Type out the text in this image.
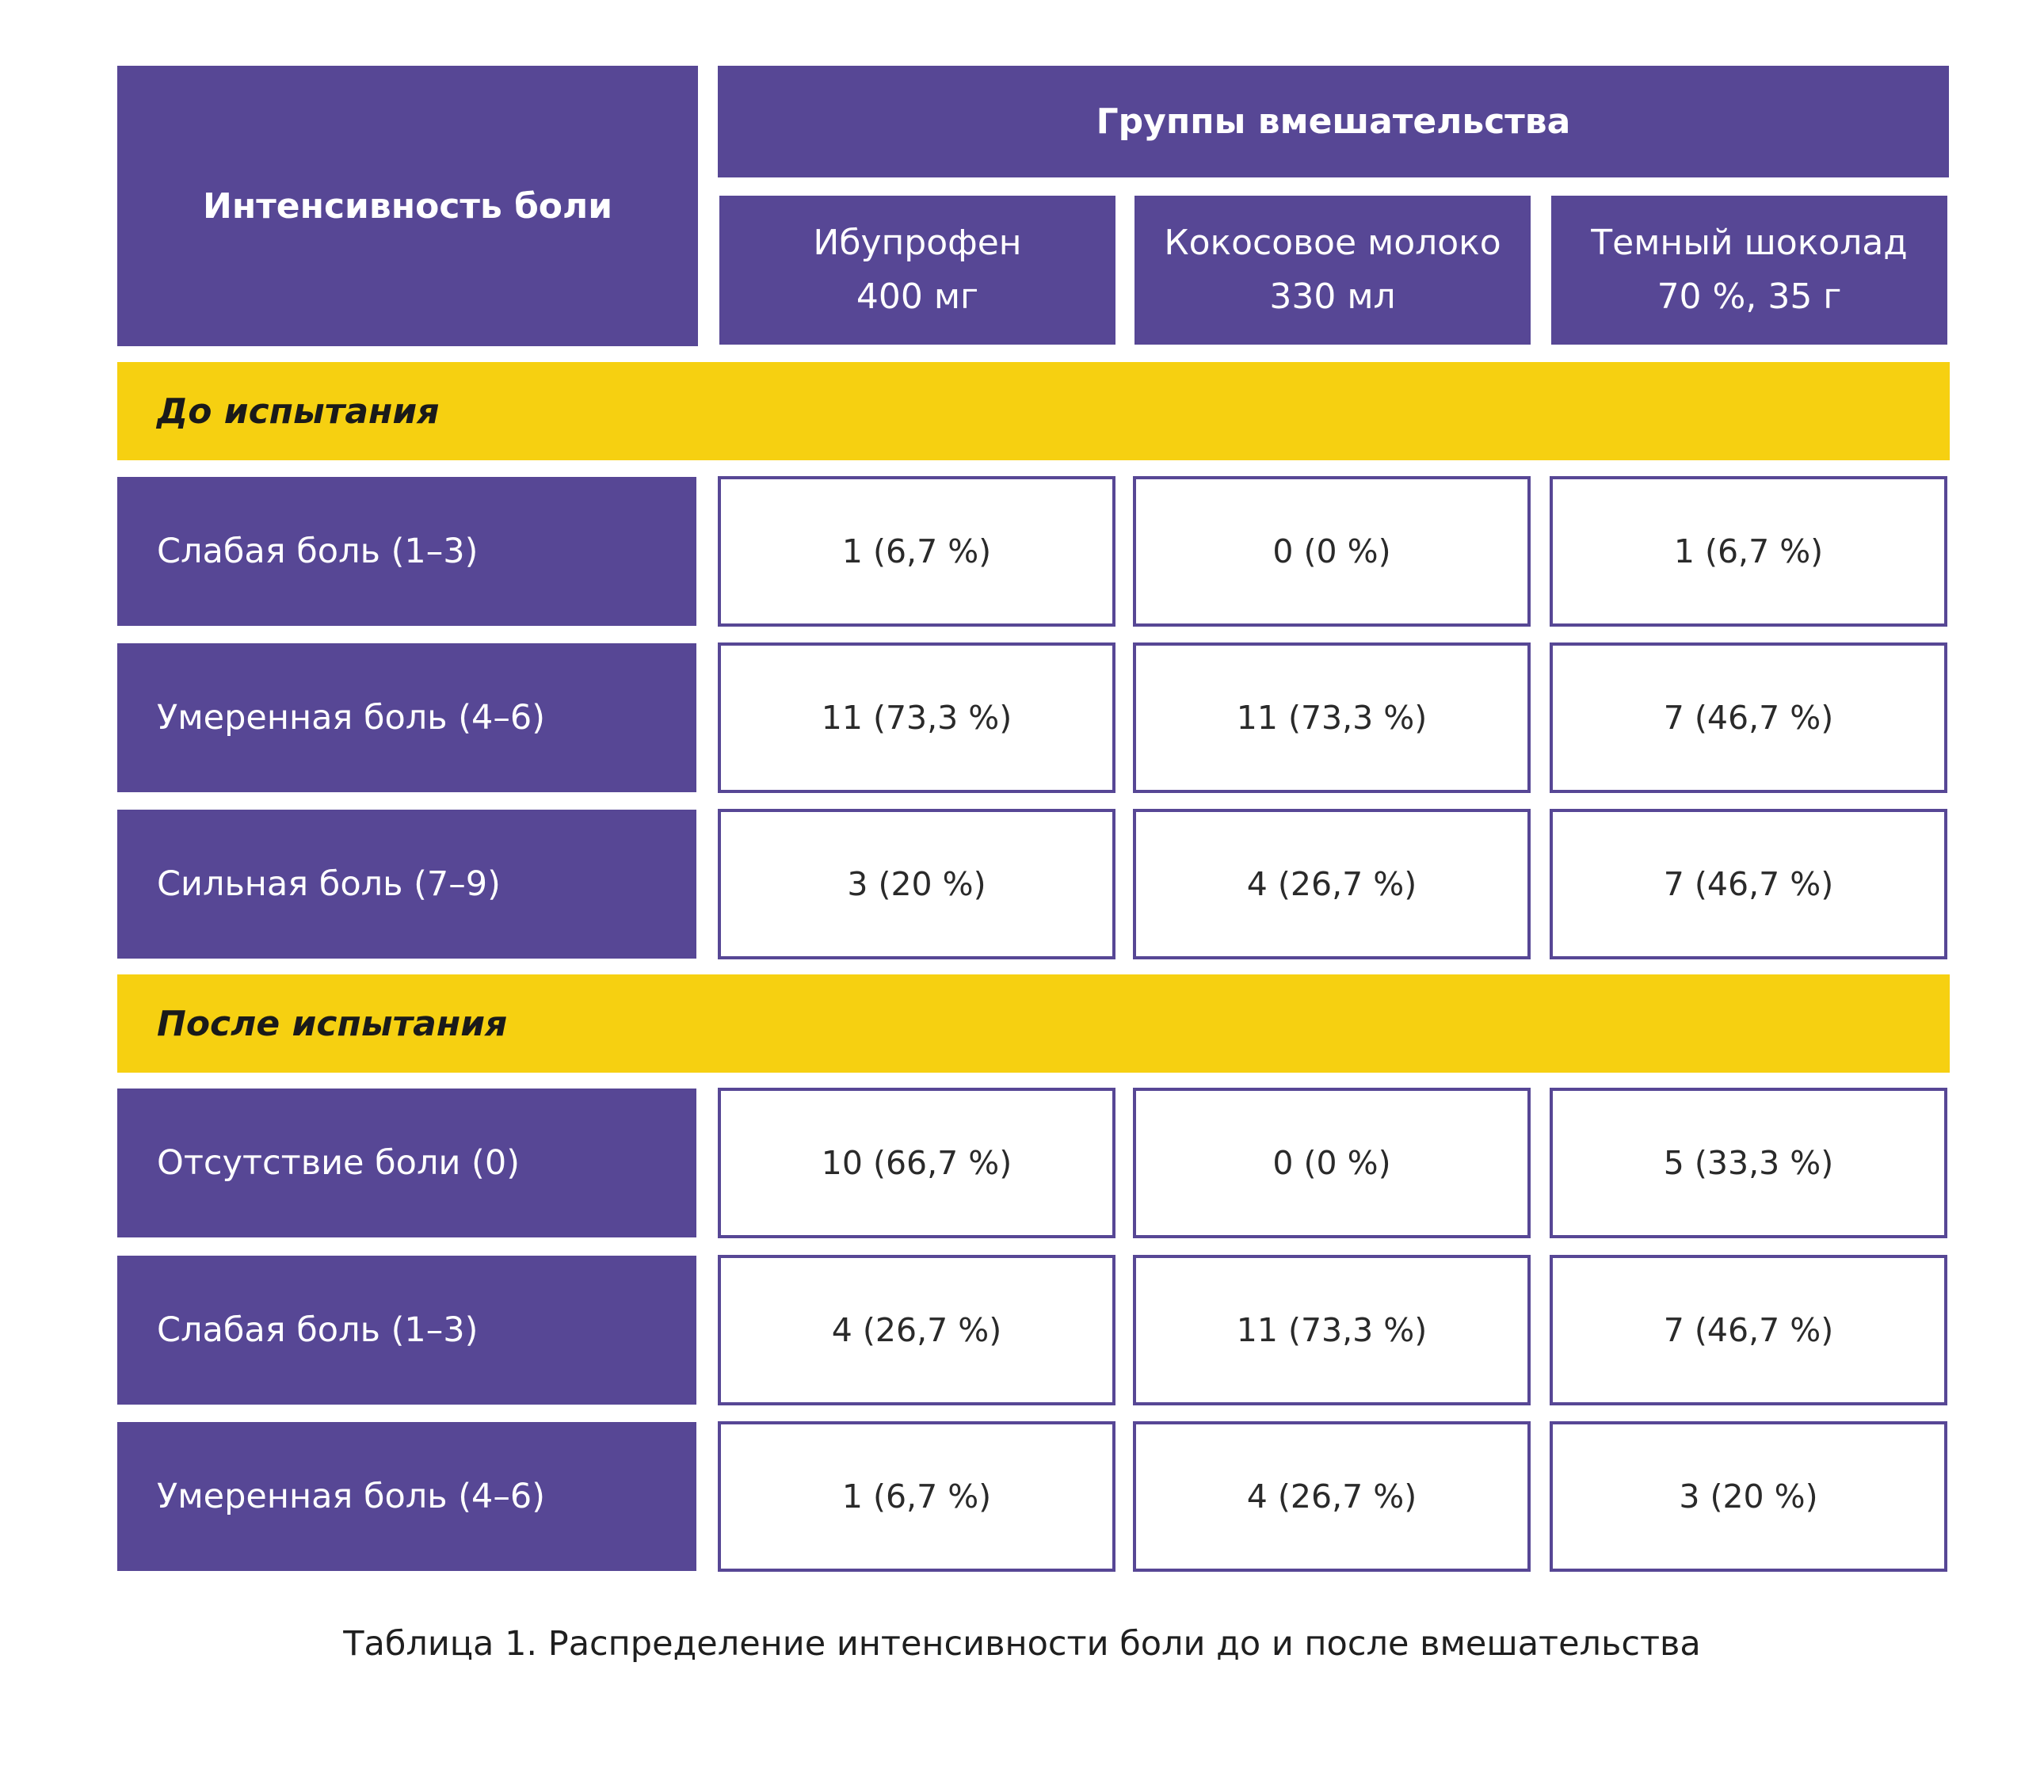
Интенсивность боли
Группы вмешательства
Ибупрофен
400 мг
Кокосовое молоко
330 мл
Темный шоколад
70 %, 35 г
До испытания
Слабая боль (1–3)	1 (6,7 %)	0 (0 %)	1 (6,7 %)
Умеренная боль (4–6)	11 (73,3 %)	11 (73,3 %)	7 (46,7 %)
Сильная боль (7–9)	3 (20 %)	4 (26,7 %)	7 (46,7 %)
После испытания
Отсутствие боли (0)	10 (66,7 %)	0 (0 %)	5 (33,3 %)
Слабая боль (1–3)	4 (26,7 %)	11 (73,3 %)	7 (46,7 %)
Умеренная боль (4–6)	1 (6,7 %)	4 (26,7 %)	3 (20 %)
Таблица 1. Распределение интенсивности боли до и после вмешательства
